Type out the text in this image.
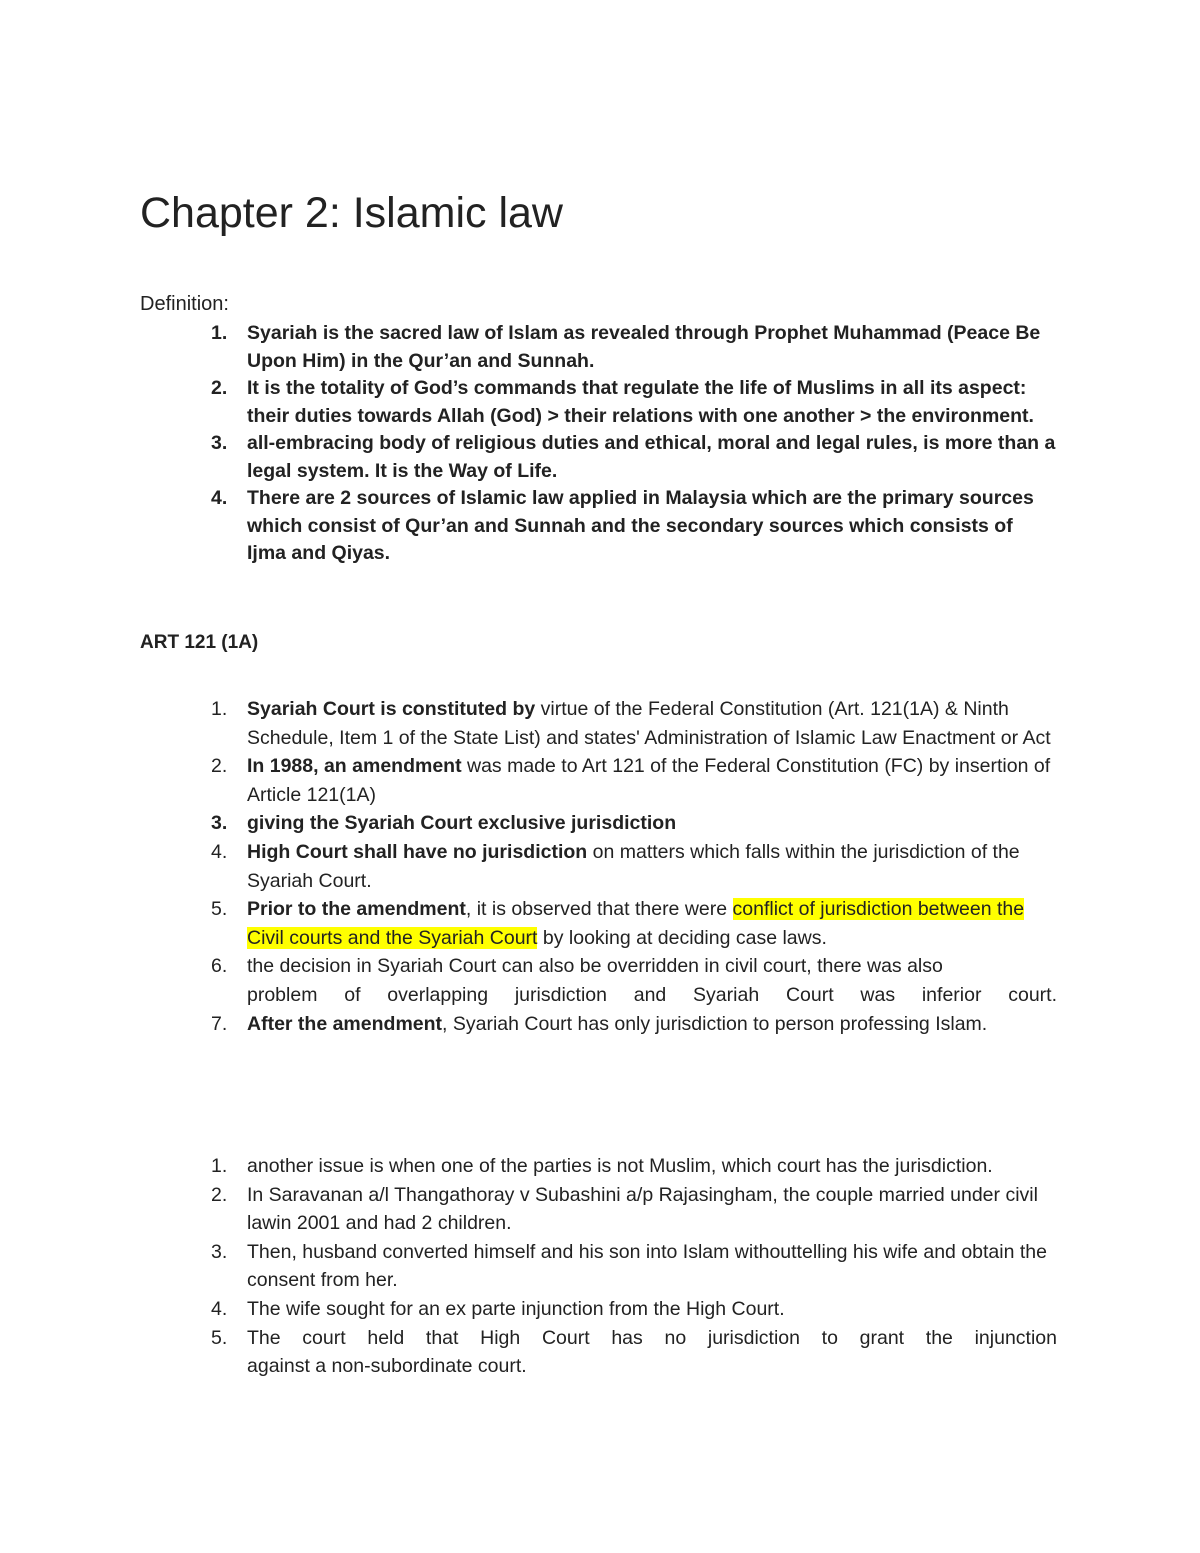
Chapter 2: Islamic law
Definition:
1. Syariah is the sacred law of Islam as revealed through Prophet Muhammad (Peace Be Upon Him) in the Qur’an and Sunnah.
2. It is the totality of God’s commands that regulate the life of Muslims in all its aspect: their duties towards Allah (God) > their relations with one another > the environment.
3. all-embracing body of religious duties and ethical, moral and legal rules, is more than a legal system. It is the Way of Life.
4. There are 2 sources of Islamic law applied in Malaysia which are the primary sources which consist of Qur’an and Sunnah and the secondary sources which consists of Ijma and Qiyas.
ART 121 (1A)
1. Syariah Court is constituted by virtue of the Federal Constitution (Art. 121(1A) & Ninth Schedule, Item 1 of the State List) and states' Administration of Islamic Law Enactment or Act
2. In 1988, an amendment was made to Art 121 of the Federal Constitution (FC) by insertion of Article 121(1A)
3. giving the Syariah Court exclusive jurisdiction
4. High Court shall have no jurisdiction on matters which falls within the jurisdiction of the Syariah Court.
5. Prior to the amendment, it is observed that there were conflict of jurisdiction between the Civil courts and the Syariah Court by looking at deciding case laws.
6. the decision in Syariah Court can also be overridden in civil court, there was also
problem of overlapping jurisdiction and Syariah Court was inferior court.
7. After the amendment, Syariah Court has only jurisdiction to person professing Islam.
1. another issue is when one of the parties is not Muslim, which court has the jurisdiction.
2. In Saravanan a/l Thangathoray v Subashini a/p Rajasingham, the couple married under civil lawin 2001 and had 2 children.
3. Then, husband converted himself and his son into Islam withouttelling his wife and obtain the consent from her.
4. The wife sought for an ex parte injunction from the High Court.
5. The court held that High Court has no jurisdiction to grant the injunction
against a non-subordinate court.
